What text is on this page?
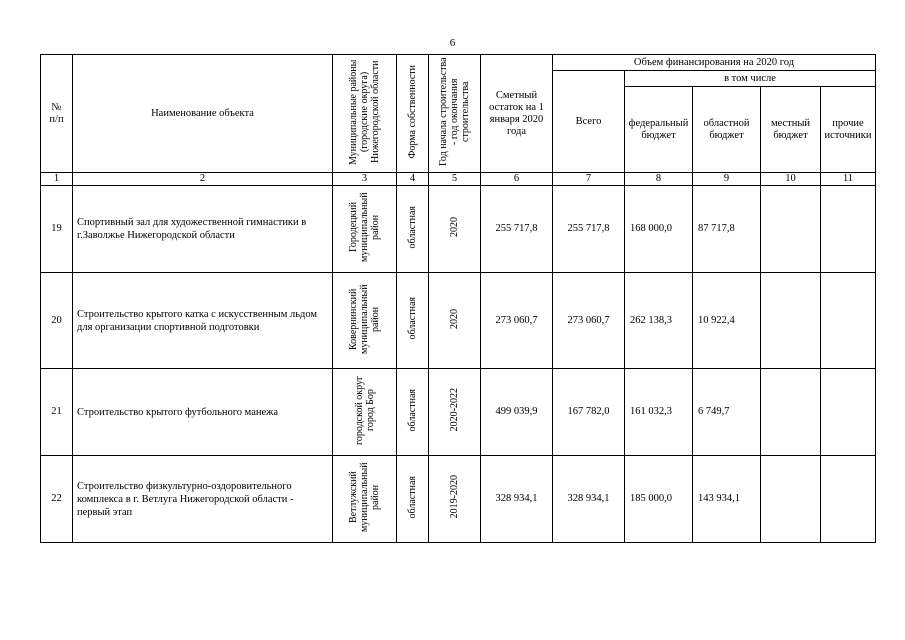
6
№
п/п	Наименование объекта	Муниципальные районы (городские округа) Нижегородской области	Форма собственности	Год начала строительства - год окончания строительства	Сметный остаток на 1 января 2020 года	Объем финансирования на 2020 год				
						Всего	в том числе			
							федеральный бюджет	областной бюджет	местный бюджет	прочие источники
1	2	3	4	5	6	7	8	9	10	11
19	Спортивный зал для художественной гимнастики в г.Заволжье Нижегородской области	Городецкий муниципальный район	областная	2020	255 717,8	255 717,8	168 000,0	87 717,8		
20	Строительство крытого катка с искусственным льдом для организации спортивной подготовки	Ковернинский муниципальный район	областная	2020	273 060,7	273 060,7	262 138,3	10 922,4		
21	Строительство крытого футбольного манежа	городской округ город Бор	областная	2020-2022	499 039,9	167 782,0	161 032,3	6 749,7		
22	Строительство физкультурно-оздоровительного комплекса в г. Ветлуга Нижегородской области - первый этап	Ветлужский муниципальный район	областная	2019-2020	328 934,1	328 934,1	185 000,0	143 934,1		
